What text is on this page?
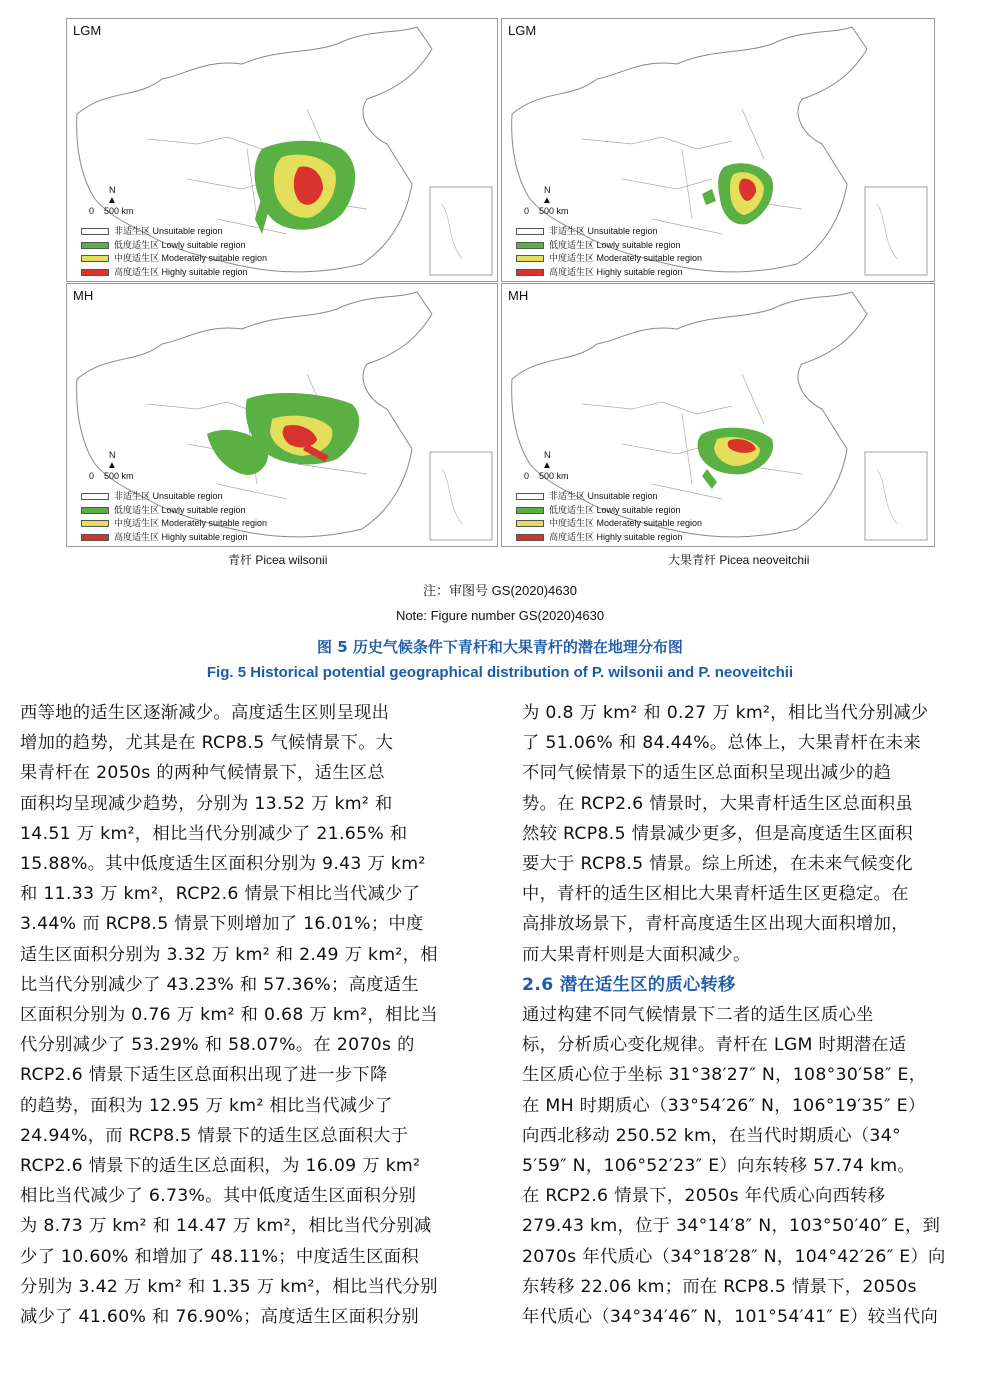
LGM
N
▲
0    500 km
非适生区 Unsuitable region
低度适生区 Lowly suitable region
中度适生区 Moderately suitable region
高度适生区 Highly suitable region
LGM
N
▲
0    500 km
非适生区 Unsuitable region
低度适生区 Lowly suitable region
中度适生区 Moderately suitable region
高度适生区 Highly suitable region
MH
N
▲
0    500 km
非适生区 Unsuitable region
低度适生区 Lowly suitable region
中度适生区 Moderately suitable region
高度适生区 Highly suitable region
MH
N
▲
0    500 km
非适生区 Unsuitable region
低度适生区 Lowly suitable region
中度适生区 Moderately suitable region
高度适生区 Highly suitable region
青杆 Picea wilsonii	大果青杆 Picea neoveitchii
注：审图号 GS(2020)4630
Note: Figure number GS(2020)4630
图 5 历史气候条件下青杆和大果青杆的潜在地理分布图
Fig. 5 Historical potential geographical distribution of P. wilsonii and P. neoveitchii
西等地的适生区逐渐减少。高度适生区则呈现出
增加的趋势，尤其是在 RCP8.5 气候情景下。大
果青杆在 2050s 的两种气候情景下，适生区总
面积均呈现减少趋势，分别为 13.52 万 km² 和
14.51 万 km²，相比当代分别减少了 21.65% 和
15.88%。其中低度适生区面积分别为 9.43 万 km²
和 11.33 万 km²，RCP2.6 情景下相比当代减少了
3.44% 而 RCP8.5 情景下则增加了 16.01%；中度
适生区面积分别为 3.32 万 km² 和 2.49 万 km²，相
比当代分别减少了 43.23% 和 57.36%；高度适生
区面积分别为 0.76 万 km² 和 0.68 万 km²，相比当
代分别减少了 53.29% 和 58.07%。在 2070s 的
RCP2.6 情景下适生区总面积出现了进一步下降
的趋势，面积为 12.95 万 km² 相比当代减少了
24.94%，而 RCP8.5 情景下的适生区总面积大于
RCP2.6 情景下的适生区总面积，为 16.09 万 km²
相比当代减少了 6.73%。其中低度适生区面积分别
为 8.73 万 km² 和 14.47 万 km²，相比当代分别减
少了 10.60% 和增加了 48.11%；中度适生区面积
分别为 3.42 万 km² 和 1.35 万 km²，相比当代分别
减少了 41.60% 和 76.90%；高度适生区面积分别
为 0.8 万 km² 和 0.27 万 km²，相比当代分别减少
了 51.06% 和 84.44%。总体上，大果青杆在未来
不同气候情景下的适生区总面积呈现出减少的趋
势。在 RCP2.6 情景时，大果青杆适生区总面积虽
然较 RCP8.5 情景减少更多，但是高度适生区面积
要大于 RCP8.5 情景。综上所述，在未来气候变化
中，青杆的适生区相比大果青杆适生区更稳定。在
高排放场景下，青杆高度适生区出现大面积增加，
而大果青杆则是大面积减少。
2.6 潜在适生区的质心转移
通过构建不同气候情景下二者的适生区质心坐
标，分析质心变化规律。青杆在 LGM 时期潜在适
生区质心位于坐标 31°38′27″ N，108°30′58″ E，
在 MH 时期质心（33°54′26″ N，106°19′35″ E）
向西北移动 250.52 km，在当代时期质心（34°
5′59″ N，106°52′23″ E）向东转移 57.74 km。
在 RCP2.6 情景下，2050s 年代质心向西转移
279.43 km，位于 34°14′8″ N，103°50′40″ E，到
2070s 年代质心（34°18′28″ N，104°42′26″ E）向
东转移 22.06 km；而在 RCP8.5 情景下，2050s
年代质心（34°34′46″ N，101°54′41″ E）较当代向
